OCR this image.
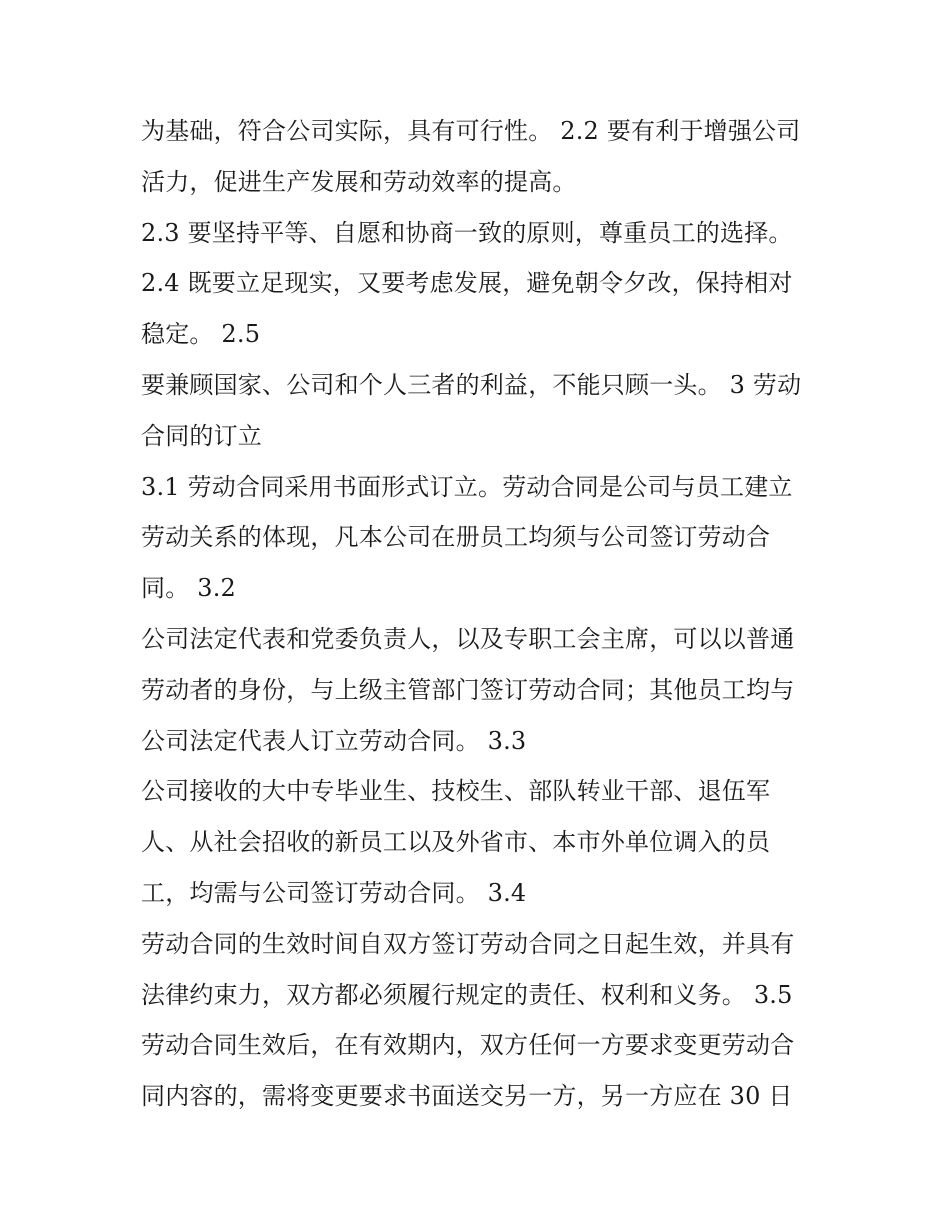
为基础，符合公司实际，具有可行性。 2.2 要有利于增强公司
活力，促进生产发展和劳动效率的提高。
2.3 要坚持平等、自愿和协商一致的原则，尊重员工的选择。
2.4 既要立足现实，又要考虑发展，避免朝令夕改，保持相对
稳定。 2.5
要兼顾国家、公司和个人三者的利益，不能只顾一头。 3 劳动
合同的订立
3.1 劳动合同采用书面形式订立。劳动合同是公司与员工建立
劳动关系的体现，凡本公司在册员工均须与公司签订劳动合
同。 3.2
公司法定代表和党委负责人，以及专职工会主席，可以以普通
劳动者的身份，与上级主管部门签订劳动合同；其他员工均与
公司法定代表人订立劳动合同。 3.3
公司接收的大中专毕业生、技校生、部队转业干部、退伍军
人、从社会招收的新员工以及外省市、本市外单位调入的员
工，均需与公司签订劳动合同。 3.4
劳动合同的生效时间自双方签订劳动合同之日起生效，并具有
法律约束力，双方都必须履行规定的责任、权利和义务。 3.5
劳动合同生效后，在有效期内，双方任何一方要求变更劳动合
同内容的，需将变更要求书面送交另一方，另一方应在 30 日
